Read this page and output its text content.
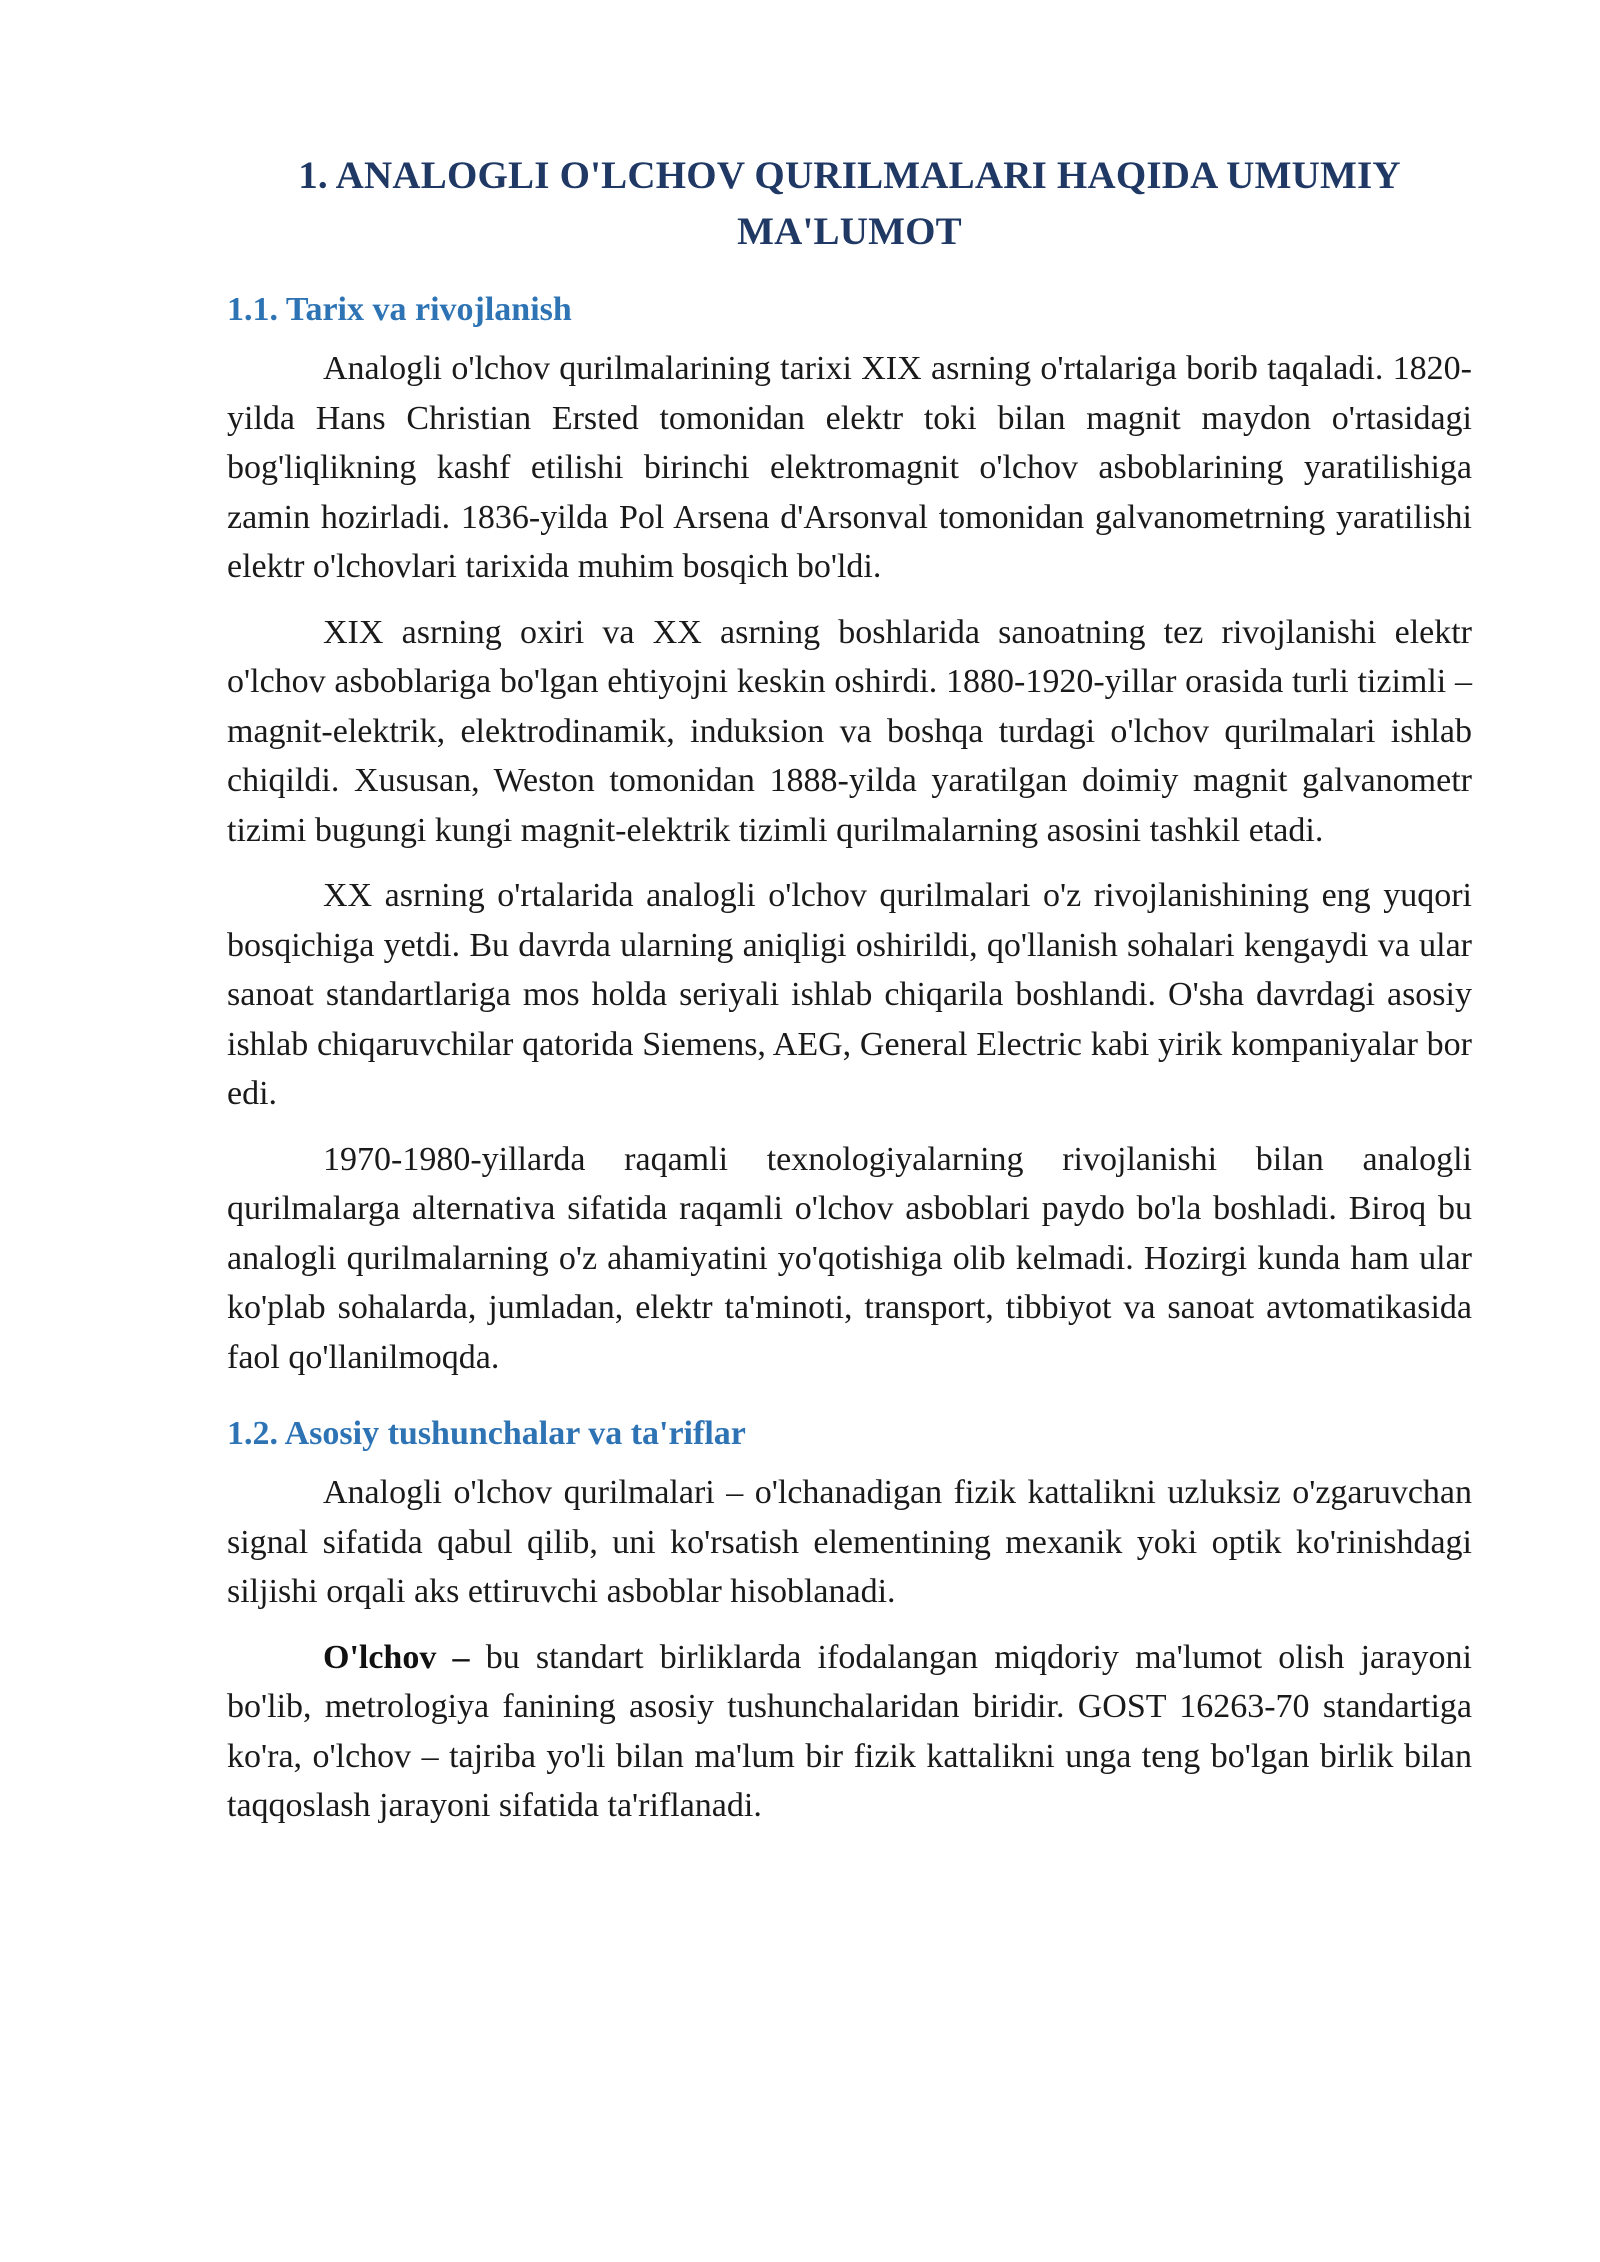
1. ANALOGLI O'LCHOV QURILMALARI HAQIDA UMUMIY MA'LUMOT
1.1. Tarix va rivojlanish

Analogli o'lchov qurilmalarining tarixi XIX asrning o'rtalariga borib taqaladi. 1820-yilda Hans Christian Ersted tomonidan elektr toki bilan magnit maydon o'rtasidagi bog'liqlikning kashf etilishi birinchi elektromagnit o'lchov asboblarining yaratilishiga zamin hozirladi. 1836-yilda Pol Arsena d'Arsonval tomonidan galvanometrning yaratilishi elektr o'lchovlari tarixida muhim bosqich bo'ldi.

XIX asrning oxiri va XX asrning boshlarida sanoatning tez rivojlanishi elektr o'lchov asboblariga bo'lgan ehtiyojni keskin oshirdi. 1880-1920-yillar orasida turli tizimli – magnit-elektrik, elektrodinamik, induksion va boshqa turdagi o'lchov qurilmalari ishlab chiqildi. Xususan, Weston tomonidan 1888-yilda yaratilgan doimiy magnit galvanometr tizimi bugungi kungi magnit-elektrik tizimli qurilmalarning asosini tashkil etadi.

XX asrning o'rtalarida analogli o'lchov qurilmalari o'z rivojlanishining eng yuqori bosqichiga yetdi. Bu davrda ularning aniqligi oshirildi, qo'llanish sohalari kengaydi va ular sanoat standartlariga mos holda seriyali ishlab chiqarila boshlandi. O'sha davrdagi asosiy ishlab chiqaruvchilar qatorida Siemens, AEG, General Electric kabi yirik kompaniyalar bor edi.

1970-1980-yillarda raqamli texnologiyalarning rivojlanishi bilan analogli qurilmalarga alternativa sifatida raqamli o'lchov asboblari paydo bo'la boshladi. Biroq bu analogli qurilmalarning o'z ahamiyatini yo'qotishiga olib kelmadi. Hozirgi kunda ham ular ko'plab sohalarda, jumladan, elektr ta'minoti, transport, tibbiyot va sanoat avtomatikasida faol qo'llanilmoqda.

1.2. Asosiy tushunchalar va ta'riflar

Analogli o'lchov qurilmalari – o'lchanadigan fizik kattalikni uzluksiz o'zgaruvchan signal sifatida qabul qilib, uni ko'rsatish elementining mexanik yoki optik ko'rinishdagi siljishi orqali aks ettiruvchi asboblar hisoblanadi.

O'lchov – bu standart birliklarda ifodalangan miqdoriy ma'lumot olish jarayoni bo'lib, metrologiya fanining asosiy tushunchalaridan biridir. GOST 16263-70 standartiga ko'ra, o'lchov – tajriba yo'li bilan ma'lum bir fizik kattalikni unga teng bo'lgan birlik bilan taqqoslash jarayoni sifatida ta'riflanadi.
